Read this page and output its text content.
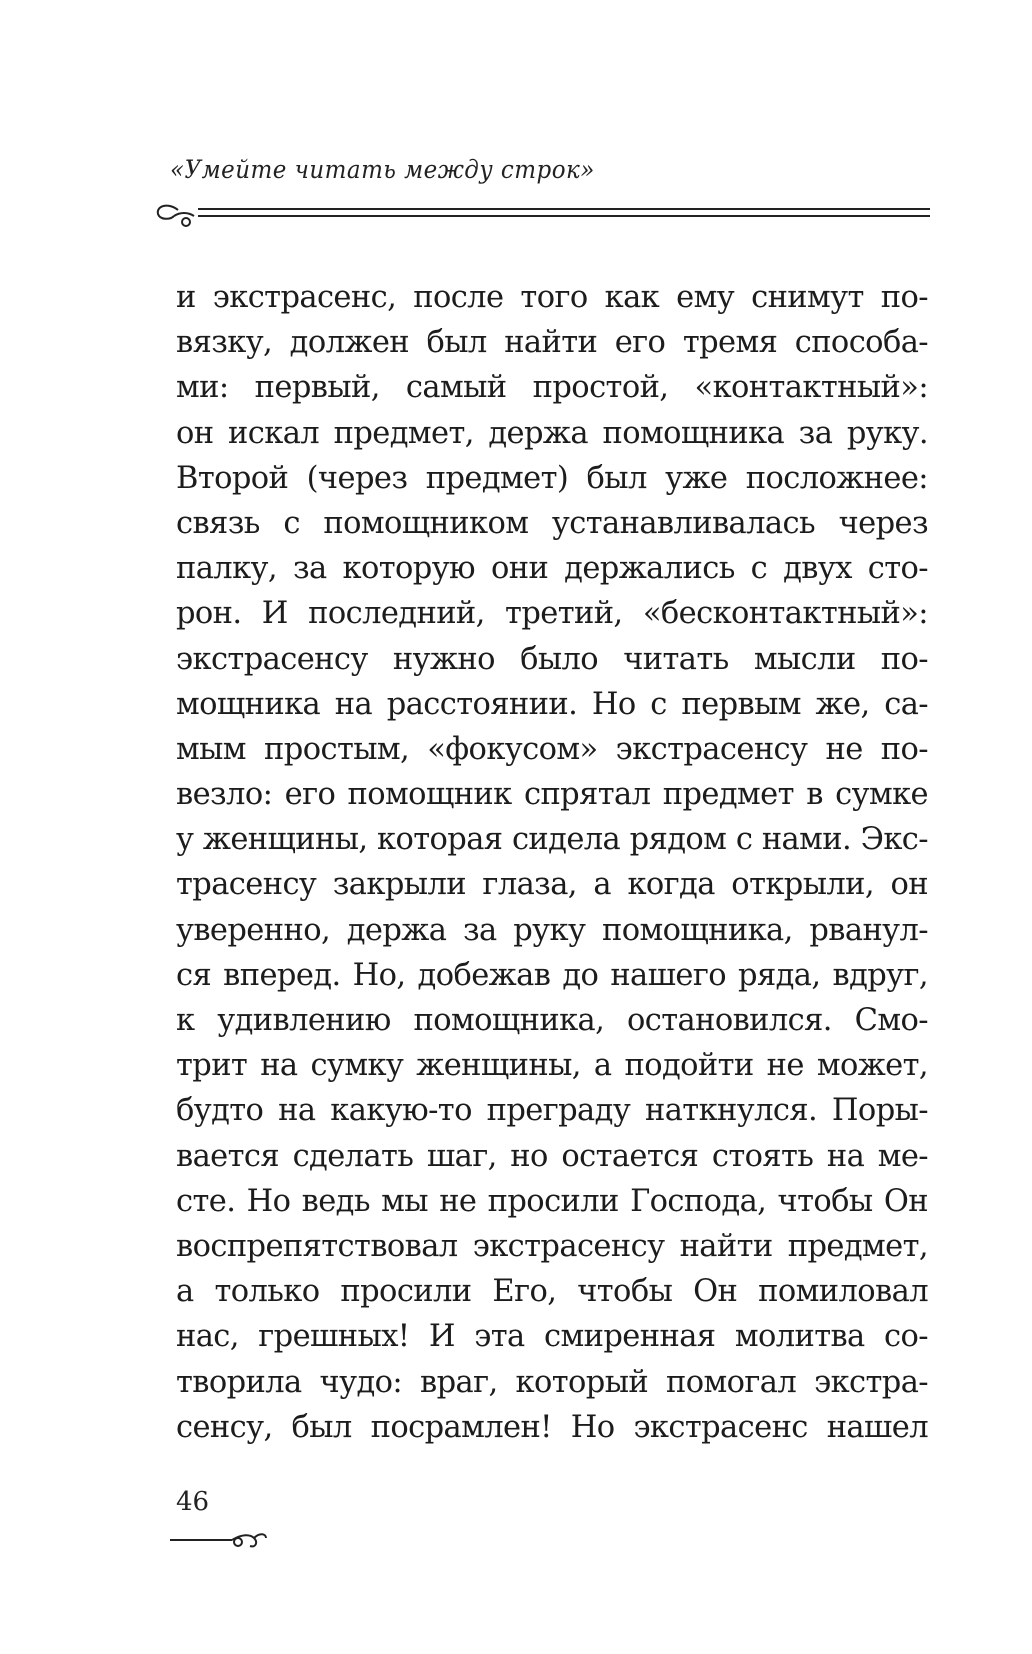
«Умейте читать между строк»
и экстрасенс, после того как ему снимут по-
вязку, должен был найти его тремя способа-
ми: первый, самый простой, «контактный»:
он искал предмет, держа помощника за руку.
Второй (через предмет) был уже посложнее:
связь с помощником устанавливалась через
палку, за которую они держались с двух сто-
рон. И последний, третий, «бесконтактный»:
экстрасенсу нужно было читать мысли по-
мощника на расстоянии. Но с первым же, са-
мым простым, «фокусом» экстрасенсу не по-
везло: его помощник спрятал предмет в сумке
у женщины, которая сидела рядом с нами. Экс-
трасенсу закрыли глаза, а когда открыли, он
уверенно, держа за руку помощника, рванул-
ся вперед. Но, добежав до нашего ряда, вдруг,
к удивлению помощника, остановился. Смо-
трит на сумку женщины, а подойти не может,
будто на какую-то преграду наткнулся. Поры-
вается сделать шаг, но остается стоять на ме-
сте. Но ведь мы не просили Господа, чтобы Он
воспрепятствовал экстрасенсу найти предмет,
а только просили Его, чтобы Он помиловал
нас, грешных! И эта смиренная молитва со-
творила чудо: враг, который помогал экстра-
сенсу, был посрамлен! Но экстрасенс нашел
46
